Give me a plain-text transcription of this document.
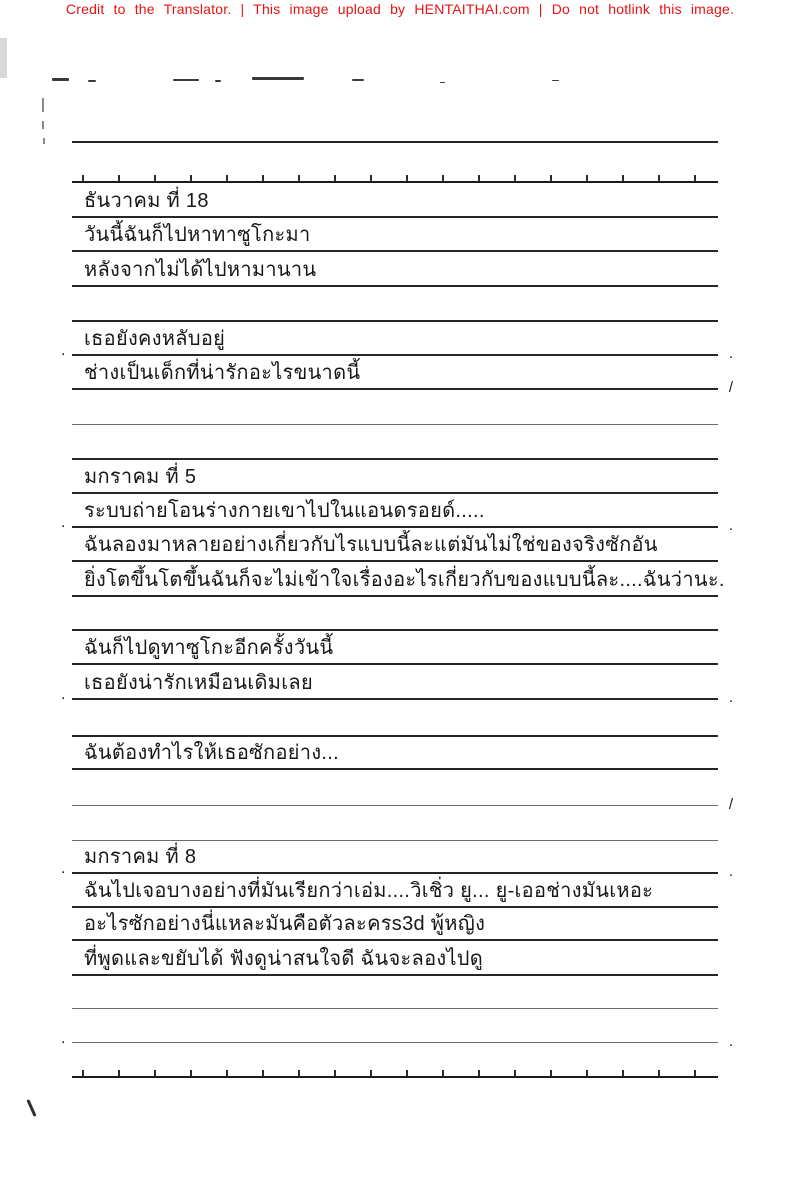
Credit to the Translator. | This image upload by HENTAITHAI.com | Do not hotlink this image.
ธันวาคม ที่ 18
วันนี้ฉันก็ไปหาทาซูโกะมา
หลังจากไม่ได้ไปหามานาน
เธอยังคงหลับอยู่
.	.
ช่างเป็นเด็กที่น่ารักอะไรขนาดนี้
/
มกราคม ที่ 5
ระบบถ่ายโอนร่างกายเขาไปในแอนดรอยด์.....
.	.
ฉันลองมาหลายอย่างเกี่ยวกับไรแบบนี้ละแต่มันไม่ใช่ของจริงซักอัน
ยิ่งโตขึ้นโตขึ้นฉันก็จะไม่เข้าใจเรื่องอะไรเกี่ยวกับของแบบนี้ละ....ฉันว่านะ.
ฉันก็ไปดูทาซูโกะอีกครั้งวันนี้
เธอยังน่ารักเหมือนเดิมเลย
.	.
ฉันต้องทำไรให้เธอซักอย่าง...
/
มกราคม ที่ 8
.	.
ฉันไปเจอบางอย่างที่มันเรียกว่าเอ่ม....วิเชิ่ว ยู... ยู-เออช่างมันเหอะ
อะไรซักอย่างนี่แหละมันคือตัวละครs3d พู้หญิง
ที่พูดและขยับได้ ฟังดูน่าสนใจดี ฉันจะลองไปดู
.	.
